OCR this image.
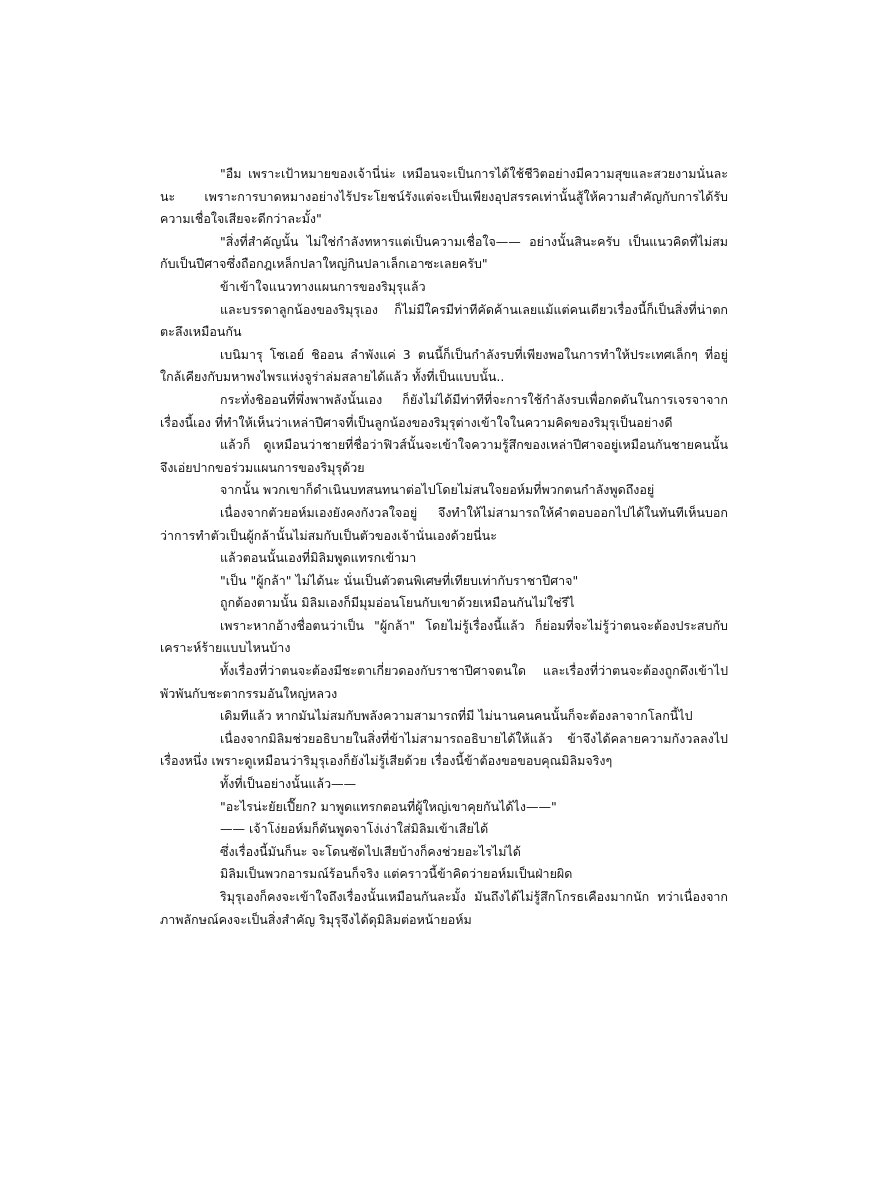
"อืม เพราะเป้าหมายของเจ้านี่น่ะ เหมือนจะเป็นการได้ใช้ชีวิตอย่างมีความสุขและสวยงามนั่นละนะ เพราะการบาดหมางอย่างไร้ประโยชน์รังแต่จะเป็นเพียงอุปสรรคเท่านั้นสู้ให้ความสำคัญกับการได้รับความเชื่อใจเสียจะดีกว่าละมั้ง"

"สิ่งที่สำคัญนั้น ไม่ใช่กำลังทหารแต่เป็นความเชื่อใจ—— อย่างนั้นสินะครับ เป็นแนวคิดที่ไม่สมกับเป็นปีศาจซึ่งถือกฎเหล็กปลาใหญ่กินปลาเล็กเอาซะเลยครับ"

ข้าเข้าใจแนวทางแผนการของริมุรุแล้ว

และบรรดาลูกน้องของริมุรุเอง ก็ไม่มีใครมีท่าทีคัดค้านเลยแม้แต่คนเดียวเรื่องนี้ก็เป็นสิ่งที่น่าตกตะลึงเหมือนกัน

เบนิมารุ โซเอย์ ชิออน ลำพังแค่ 3 ตนนี้ก็เป็นกำลังรบที่เพียงพอในการทำให้ประเทศเล็กๆ ที่อยู่ใกล้เคียงกับมหาพงไพรแห่งจูร่าล่มสลายได้แล้ว ทั้งที่เป็นแบบนั้น..

กระทั่งชิออนที่พึ่งพาพลังนั้นเอง ก็ยังไม่ได้มีท่าทีที่จะการใช้กำลังรบเพื่อกดดันในการเจรจาจากเรื่องนี้เอง ที่ทำให้เห็นว่าเหล่าปีศาจที่เป็นลูกน้องของริมุรุต่างเข้าใจในความคิดของริมุรุเป็นอย่างดี

แล้วก็ ดูเหมือนว่าชายที่ชื่อว่าฟิวส์นั้นจะเข้าใจความรู้สึกของเหล่าปีศาจอยู่เหมือนกันชายคนนั้นจึงเอ่ยปากขอร่วมแผนการของริมุรุด้วย

จากนั้น พวกเขาก็ดำเนินบทสนทนาต่อไปโดยไม่สนใจยอห์มที่พวกตนกำลังพูดถึงอยู่

เนื่องจากตัวยอห์มเองยังคงกังวลใจอยู่ จึงทำให้ไม่สามารถให้คำตอบออกไปได้ในทันทีเห็นบอกว่าการทำตัวเป็นผู้กล้านั้นไม่สมกับเป็นตัวของเจ้านั่นเองด้วยนี่นะ

แล้วตอนนั้นเองที่มิลิมพูดแทรกเข้ามา

"เป็น "ผู้กล้า" ไม่ได้นะ นั่นเป็นตัวตนพิเศษที่เทียบเท่ากับราชาปีศาจ"

ถูกต้องตามนั้น มิลิมเองก็มีมุมอ่อนโยนกับเขาด้วยเหมือนกันไม่ใช่รึไ

เพราะหากอ้างชื่อตนว่าเป็น "ผู้กล้า" โดยไม่รู้เรื่องนี้แล้ว ก็ย่อมที่จะไม่รู้ว่าตนจะต้องประสบกับเคราะห์ร้ายแบบไหนบ้าง

ทั้งเรื่องที่ว่าตนจะต้องมีชะตาเกี่ยวดองกับราชาปีศาจตนใด และเรื่องที่ว่าตนจะต้องถูกดึงเข้าไปพัวพันกับชะตากรรมอันใหญ่หลวง

เดิมทีแล้ว หากมันไม่สมกับพลังความสามารถที่มี ไม่นานคนคนนั้นก็จะต้องลาจากโลกนี้ไป

เนื่องจากมิลิมช่วยอธิบายในสิ่งที่ข้าไม่สามารถอธิบายได้ให้แล้ว ข้าจึงได้คลายความกังวลลงไปเรื่องหนึ่ง เพราะดูเหมือนว่าริมุรุเองก็ยังไม่รู้เสียด้วย เรื่องนี้ข้าต้องขอขอบคุณมิลิมจริงๆ

ทั้งที่เป็นอย่างนั้นแล้ว——

"อะไรน่ะยัยเปี๊ยก? มาพูดแทรกตอนที่ผู้ใหญ่เขาคุยกันได้ไง——"

—— เจ้าโง่ยอห์มก็ดันพูดจาโง่เง่าใส่มิลิมเข้าเสียได้

ซึ่งเรื่องนี้มันก็นะ จะโดนซัดไปเสียบ้างก็คงช่วยอะไรไม่ได้

มิลิมเป็นพวกอารมณ์ร้อนก็จริง แต่คราวนี้ข้าคิดว่ายอห์มเป็นฝ่ายผิด

ริมุรุเองก็คงจะเข้าใจถึงเรื่องนั้นเหมือนกันละมั้ง มันถึงได้ไม่รู้สึกโกรธเคืองมากนัก ทว่าเนื่องจากภาพลักษณ์คงจะเป็นสิ่งสำคัญ ริมุรุจึงได้ดุมิลิมต่อหน้ายอห์ม
